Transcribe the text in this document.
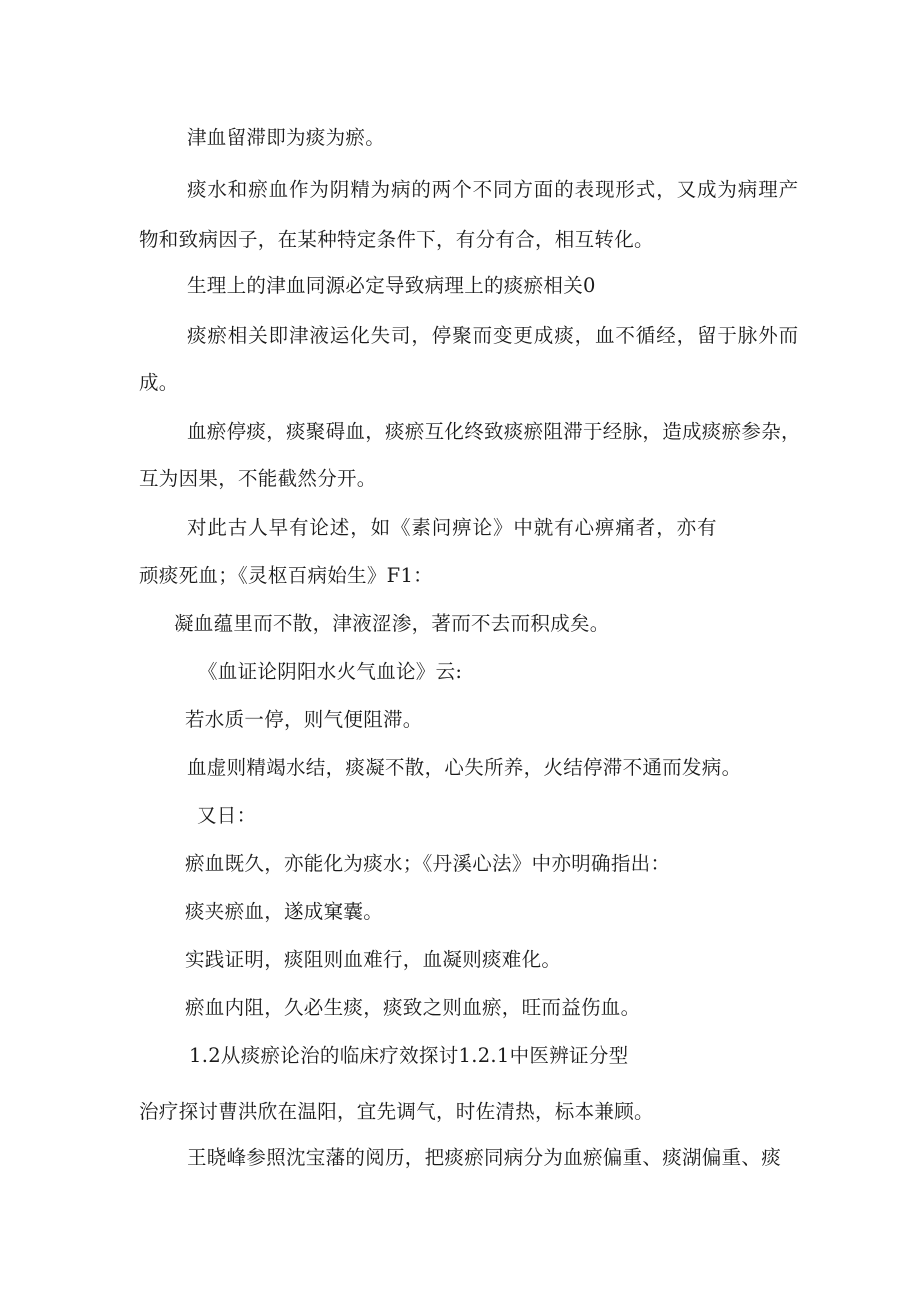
津血留滞即为痰为瘀。
痰水和瘀血作为阴精为病的两个不同方面的表现形式，又成为病理产
物和致病因子，在某种特定条件下，有分有合，相互转化。
生理上的津血同源必定导致病理上的痰瘀相关0
痰瘀相关即津液运化失司，停聚而变更成痰，血不循经，留于脉外而
成。
血瘀停痰，痰聚碍血，痰瘀互化终致痰瘀阻滞于经脉，造成痰瘀参杂，
互为因果，不能截然分开。
对此古人早有论述，如《素问痹论》中就有心痹痛者，亦有
顽痰死血；《灵枢百病始生》F1：
凝血蕴里而不散，津液涩渗，著而不去而积成矣。
《血证论阴阳水火气血论》云:
若水质一停，则气便阻滞。
血虚则精竭水结，痰凝不散，心失所养，火结停滞不通而发病。
又日：
瘀血既久，亦能化为痰水；《丹溪心法》中亦明确指出：
痰夹瘀血，遂成窠囊。
实践证明，痰阻则血难行，血凝则痰难化。
瘀血内阻，久必生痰，痰致之则血瘀，旺而益伤血。
1.2从痰瘀论治的临床疗效探讨1.2.1中医辨证分型
治疗探讨曹洪欣在温阳，宜先调气，时佐清热，标本兼顾。
王晓峰参照沈宝藩的阅历，把痰瘀同病分为血瘀偏重、痰湖偏重、痰
